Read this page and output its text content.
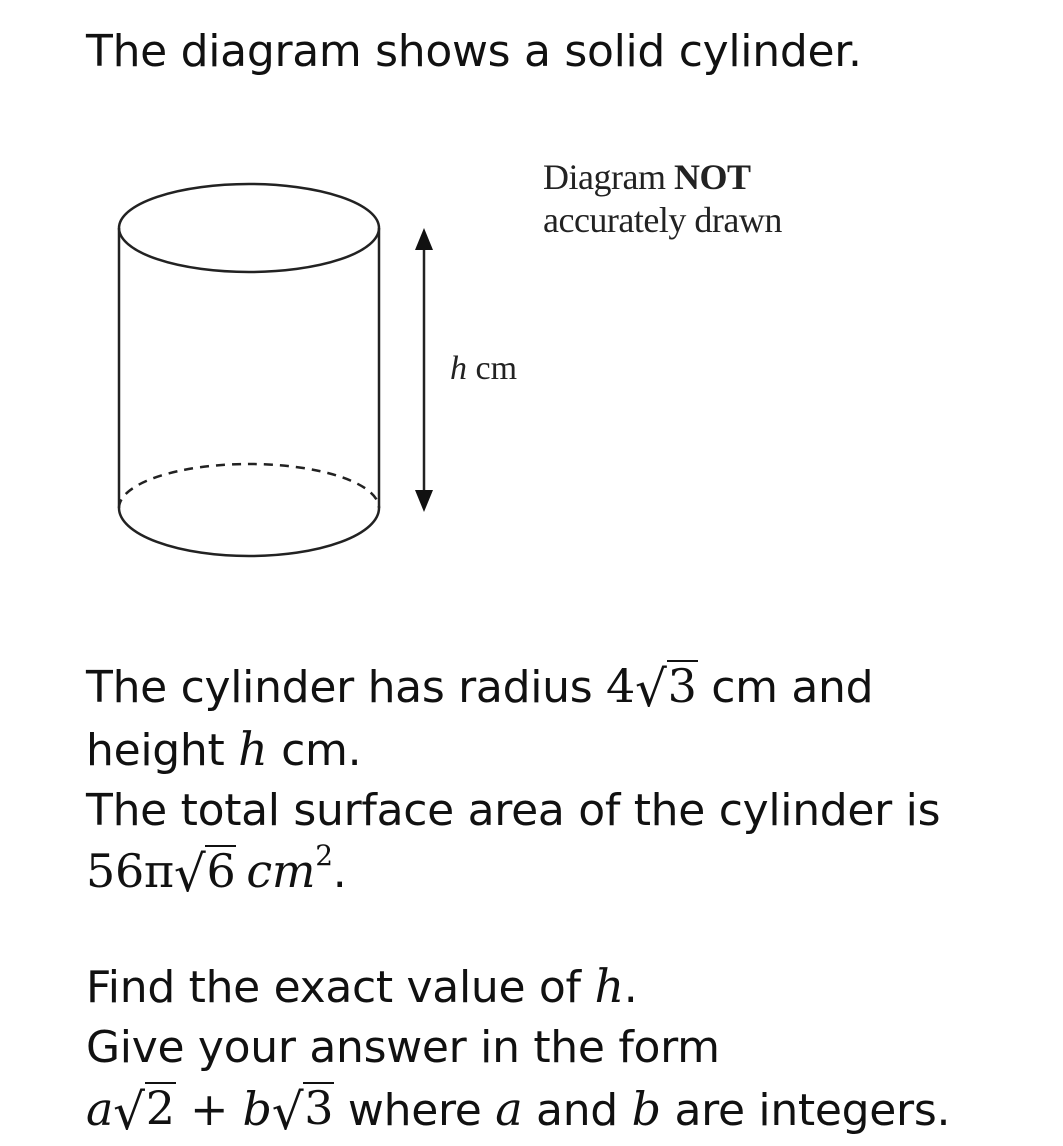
The diagram shows a solid cylinder.
Diagram NOT
accurately drawn
h cm
The cylinder has radius 4 √ 3 cm and
height h cm.
The total surface area of the cylinder is
56π √ 6 $cm^2$.
Find the exact value of h.
Give your answer in the form
a √ 2 + b √ 3 where a and b are integers.
